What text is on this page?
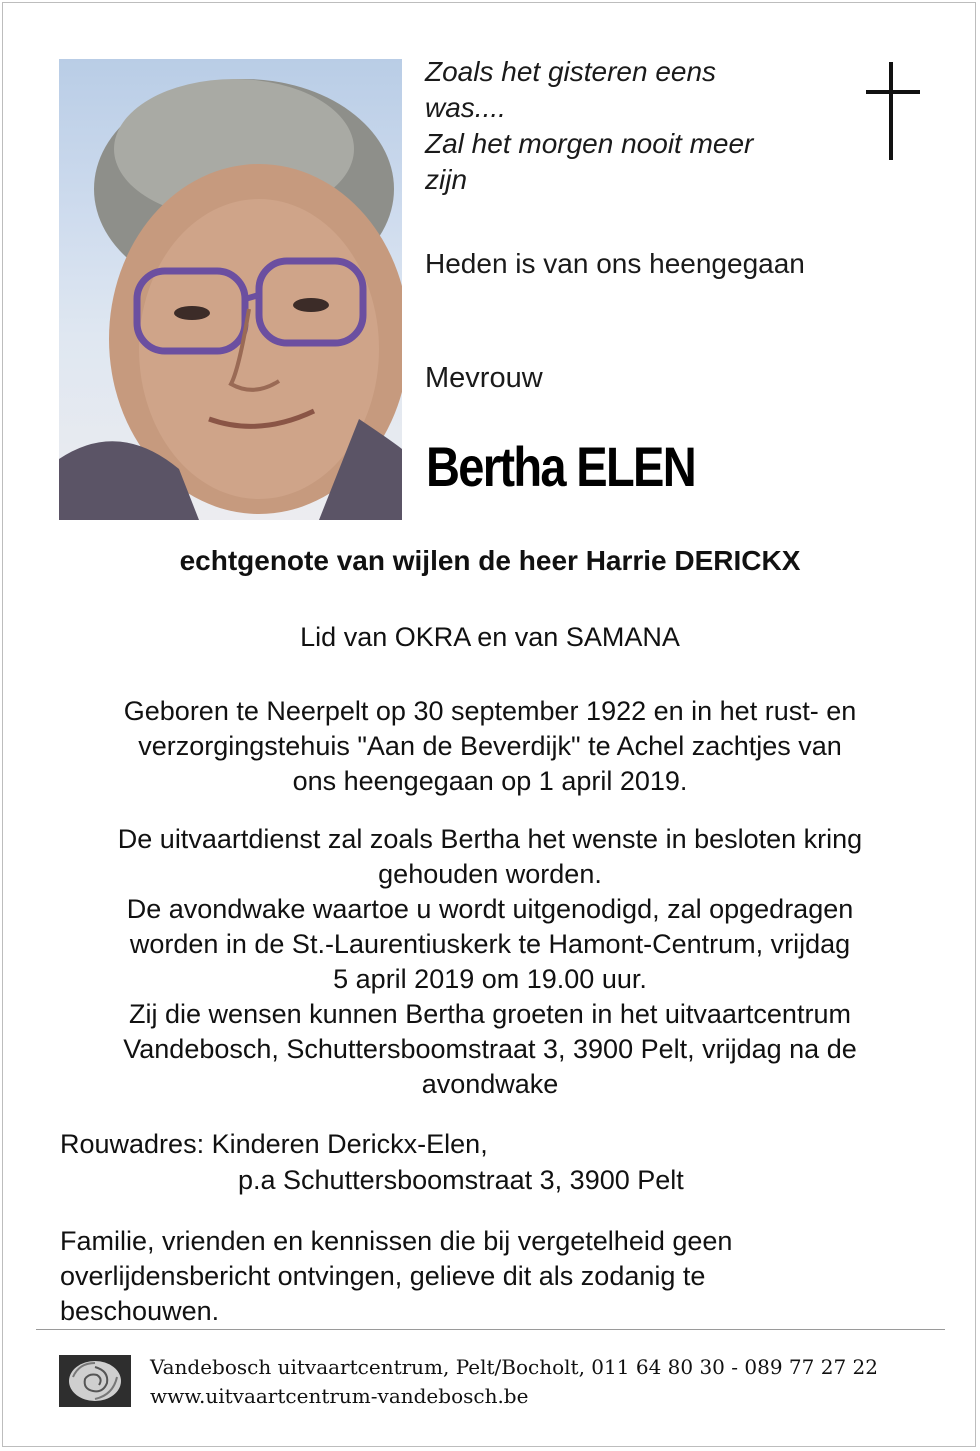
Zoals het gisteren eens
was....
Zal het morgen nooit meer
zijn
Heden is van ons heengegaan
Mevrouw
Bertha ELEN
echtgenote van wijlen de heer Harrie DERICKX
Lid van OKRA en van SAMANA
Geboren te Neerpelt op 30 september 1922 en in het rust- en
verzorgingstehuis "Aan de Beverdijk" te Achel zachtjes van
ons heengegaan op 1 april 2019.
De uitvaartdienst zal zoals Bertha het wenste in besloten kring
gehouden worden.
De avondwake waartoe u wordt uitgenodigd, zal opgedragen
worden in de St.-Laurentiuskerk te Hamont-Centrum, vrijdag
5 april 2019 om 19.00 uur.
Zij die wensen kunnen Bertha groeten in het uitvaartcentrum
Vandebosch, Schuttersboomstraat 3, 3900 Pelt, vrijdag na de
avondwake
Rouwadres: Kinderen Derickx-Elen,
p.a Schuttersboomstraat 3, 3900 Pelt
Familie, vrienden en kennissen die bij vergetelheid geen
overlijdensbericht ontvingen, gelieve dit als zodanig te
beschouwen.
Vandebosch uitvaartcentrum, Pelt/Bocholt, 011 64 80 30 - 089 77 27 22
www.uitvaartcentrum-vandebosch.be
